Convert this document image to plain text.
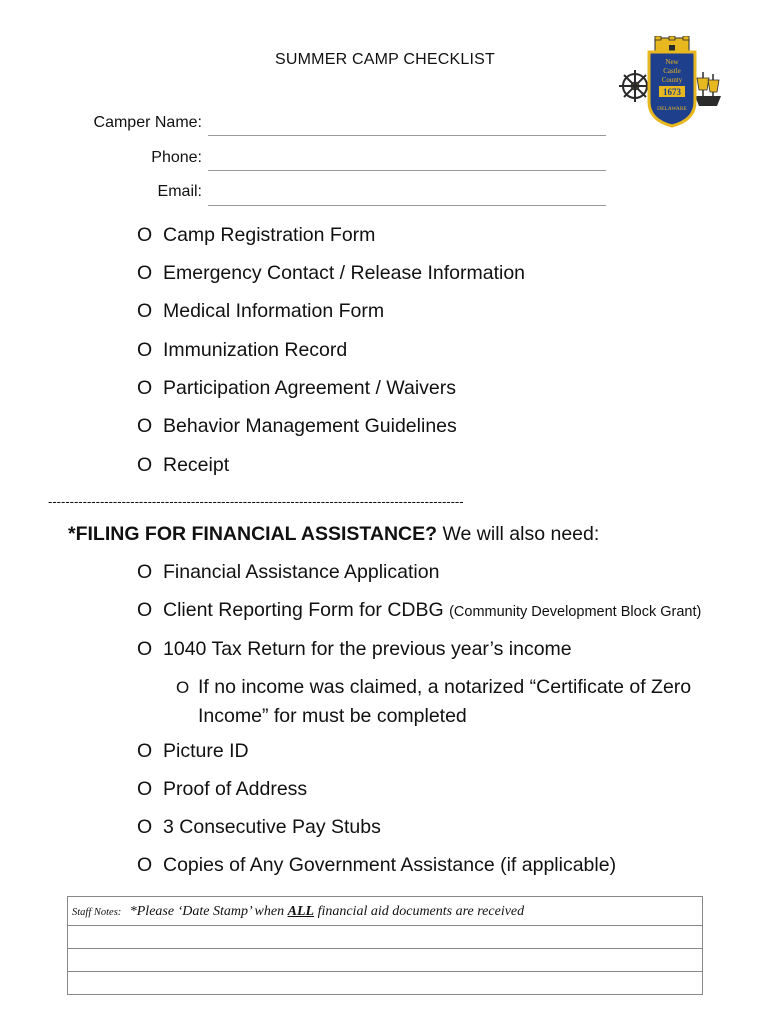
SUMMER CAMP CHECKLIST	New
Castle
County
1673
DELAWARE
Camper Name:
Phone:
Email:
O Camp Registration Form
O Emergency Contact / Release Information
O Medical Information Form
O Immunization Record
O Participation Agreement / Waivers
O Behavior Management Guidelines
O Receipt
------------------------------------------------------------------------------------------------
*FILING FOR FINANCIAL ASSISTANCE? We will also need:
O Financial Assistance Application
O Client Reporting Form for CDBG (Community Development Block Grant)
O 1040 Tax Return for the previous year’s income
O If no income was claimed, a notarized “Certificate of Zero
Income” for must be completed
O Picture ID
O Proof of Address
O 3 Consecutive Pay Stubs
O Copies of Any Government Assistance (if applicable)
Staff Notes: *Please ‘Date Stamp’ when ALL financial aid documents are received
